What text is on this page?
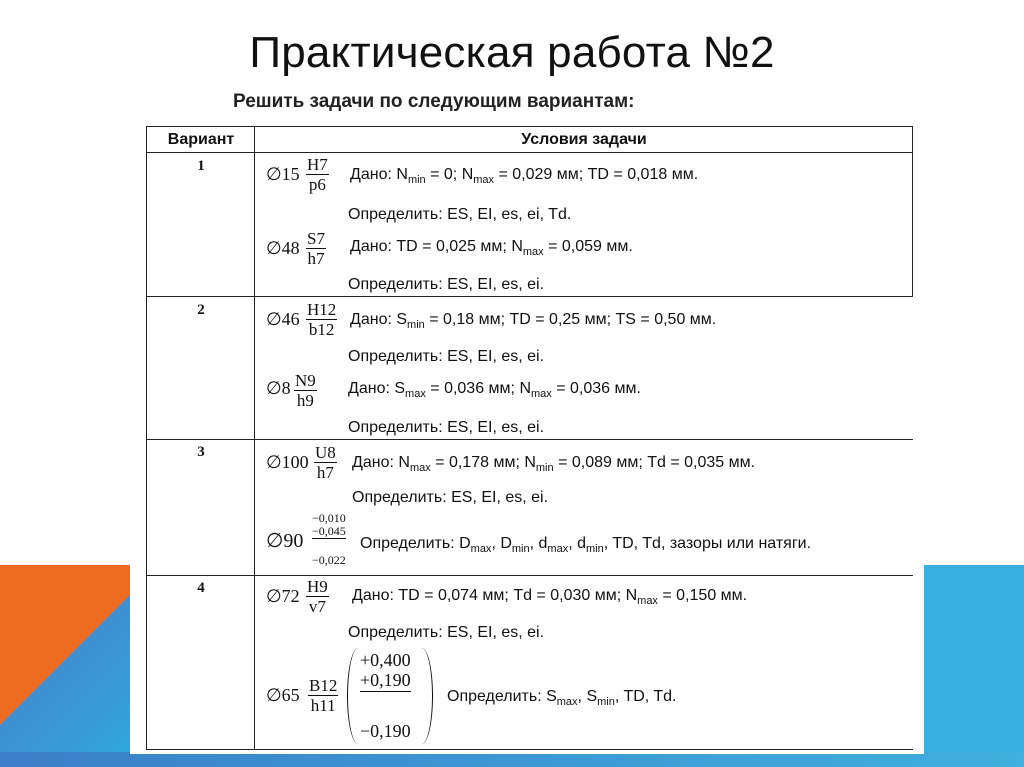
Практическая работа №2
Решить задачи по следующим вариантам:
Вариант	Условия задачи
1	∅15 $\frac{H7}{p6}$ Дано: $N_{min} = 0$; $N_{max} = 0,029$ мм; TD = 0,018 мм.
Определить: ES, EI, es, ei, Td.
∅48 $\frac{S7}{h7}$ Дано: TD = 0,025 мм; $N_{max} = 0,059$ мм.
Определить: ES, EI, es, ei.
2	∅46 $\frac{H12}{b12}$ Дано: $S_{min} = 0,18$ мм; TD = 0,25 мм; TS = 0,50 мм.
Определить: ES, EI, es, ei.
∅8 $\frac{N9}{h9}$ Дано: $S_{max} = 0,036$ мм; $N_{max} = 0,036$ мм.
Определить: ES, EI, es, ei.
3	∅100 $\frac{U8}{h7}$ Дано: $N_{max} = 0,178$ мм; $N_{min} = 0,089$ мм; Td = 0,035 мм.
Определить: ES, EI, es, ei.
∅90
−0,010
−0,045
−0,022
Определить: $D_{max}$, $D_{min}$, $d_{max}$, $d_{min}$, TD, Td, зазоры или натяги.
4	∅72 $\frac{H9}{v7}$ Дано: TD = 0,074 мм; Td = 0,030 мм; $N_{max} = 0,150$ мм.
Определить: ES, EI, es, ei.
∅65 $\frac{B12}{h11}$
+0,400
+0,190
−0,190
Определить: $S_{max}$, $S_{min}$, TD, Td.
